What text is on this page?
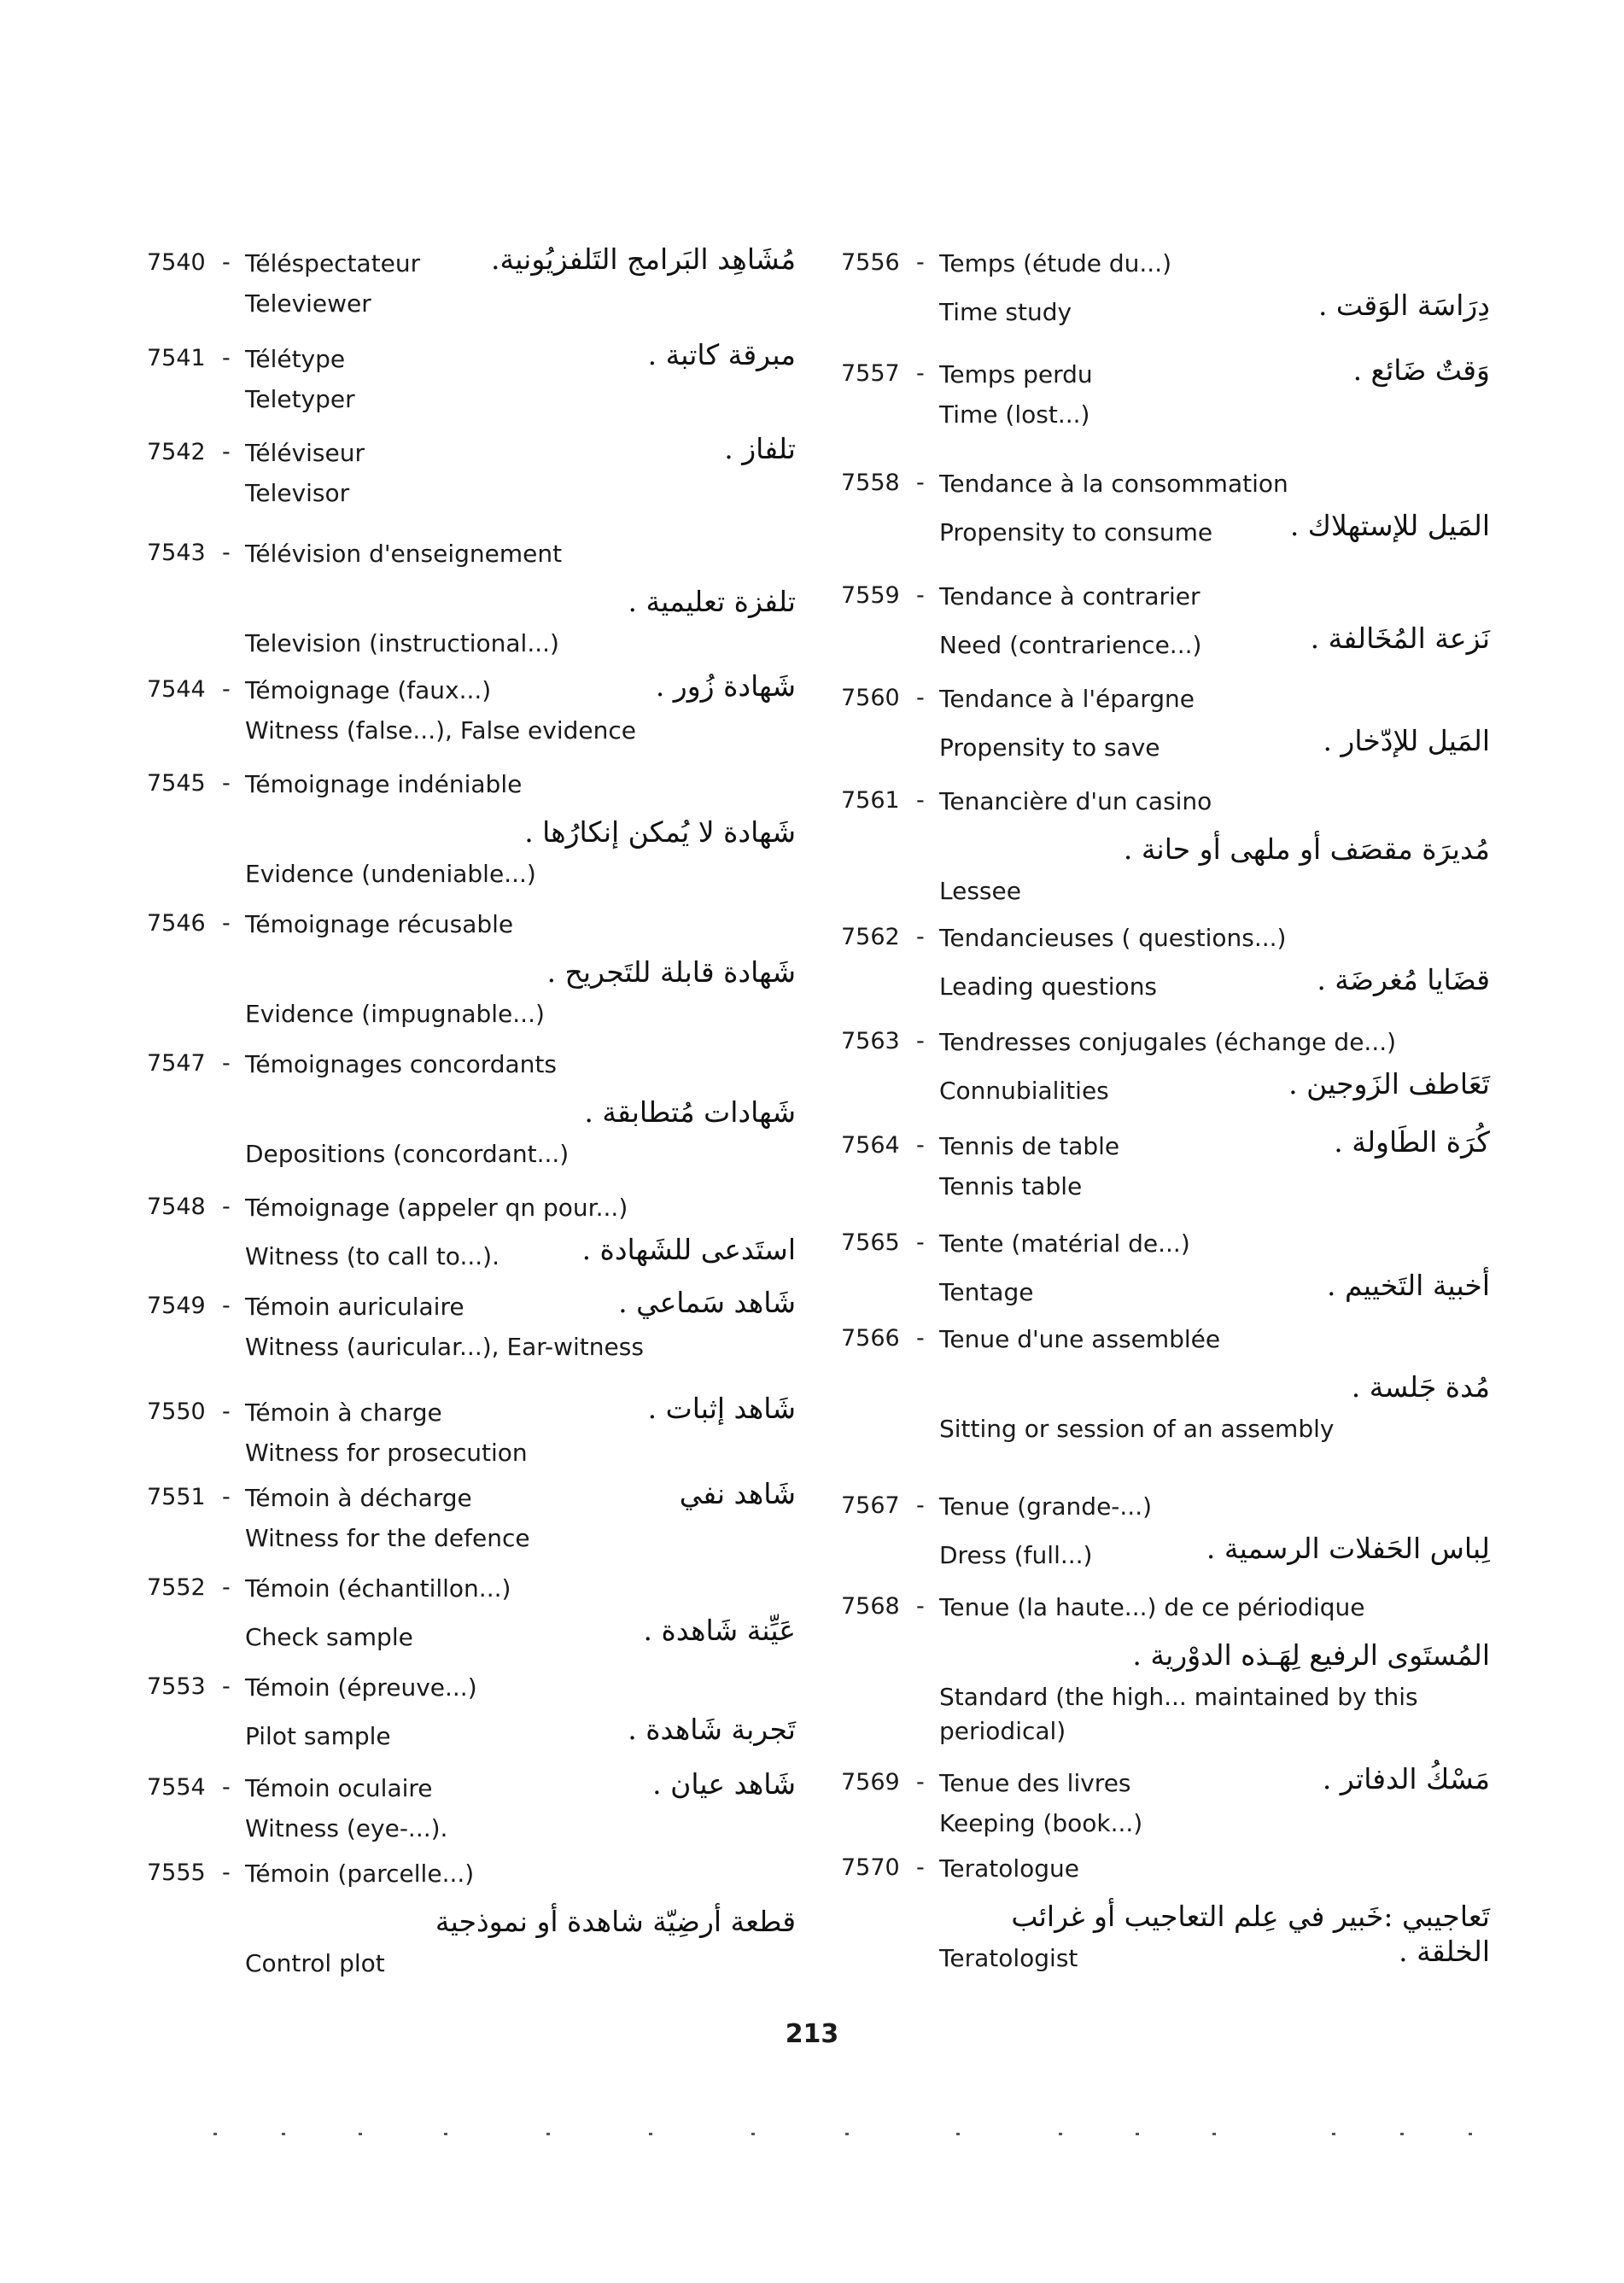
7540 - Téléspectateur	مُشَاهِد البَرامج التَلفزيُونية.
Televiewer
7541 - Télétype	مبرقة كاتبة .
Teletyper
7542 - Téléviseur	تلفاز .
Televisor
7543 - Télévision d'enseignement
تلفزة تعليمية .
Television (instructional...)
7544 - Témoignage (faux...)	شَهادة زُور .
Witness (false...), False evidence
7545 - Témoignage indéniable
شَهادة لا يُمكن إنكارُها .
Evidence (undeniable...)
7546 - Témoignage récusable
شَهادة قابلة للتَجريح .
Evidence (impugnable...)
7547 - Témoignages concordants
شَهادات مُتطابقة .
Depositions (concordant...)
7548 - Témoignage (appeler qn pour...)
Witness (to call to...).	استَدعى للشَهادة .
7549 - Témoin auriculaire	شَاهد سَماعي .
Witness (auricular...), Ear-witness
7550 - Témoin à charge	شَاهد إثبات .
Witness for prosecution
7551 - Témoin à décharge	شَاهد نفي
Witness for the defence
7552 - Témoin (échantillon...)
Check sample	عَيِّنة شَاهدة .
7553 - Témoin (épreuve...)
Pilot sample	تَجربة شَاهدة .
7554 - Témoin oculaire	شَاهد عيان .
Witness (eye-...).
7555 - Témoin (parcelle...)
قطعة أرضِيّة شاهدة أو نموذجية
Control plot
7556 - Temps (étude du...)
Time study	دِرَاسَة الوَقت .
7557 - Temps perdu	وَقتٌ ضَائع .
Time (lost...)
7558 - Tendance à la consommation
Propensity to consume	المَيل للإستهلاك .
7559 - Tendance à contrarier
Need (contrarience...)	نَزعة المُخَالفة .
7560 - Tendance à l'épargne
Propensity to save	المَيل للإدّخار .
7561 - Tenancière d'un casino
مُديرَة مقصَف أو ملهى أو حانة .
Lessee
7562 - Tendancieuses ( questions...)
Leading questions	قضَايا مُغرضَة .
7563 - Tendresses conjugales (échange de...)
Connubialities	تَعَاطف الزَوجين .
7564 - Tennis de table	كُرَة الطَاولة .
Tennis table
7565 - Tente (matérial de...)
Tentage	أخبية التَخييم .
7566 - Tenue d'une assemblée
مُدة جَلسة .
Sitting or session of an assembly
7567 - Tenue (grande-...)
Dress (full...)	لِباس الحَفلات الرسمية .
7568 - Tenue (la haute...) de ce périodique
المُستَوى الرفيع لِهَـذه الدوْرية .
Standard (the high... maintained by this periodical)
7569 - Tenue des livres	مَسْكُ الدفاتر .
Keeping (book...)
7570 - Teratologue
تَعاجيبي :خَبير في عِلم التعاجيب أو غرائب
Teratologist	الخلقة .
213
